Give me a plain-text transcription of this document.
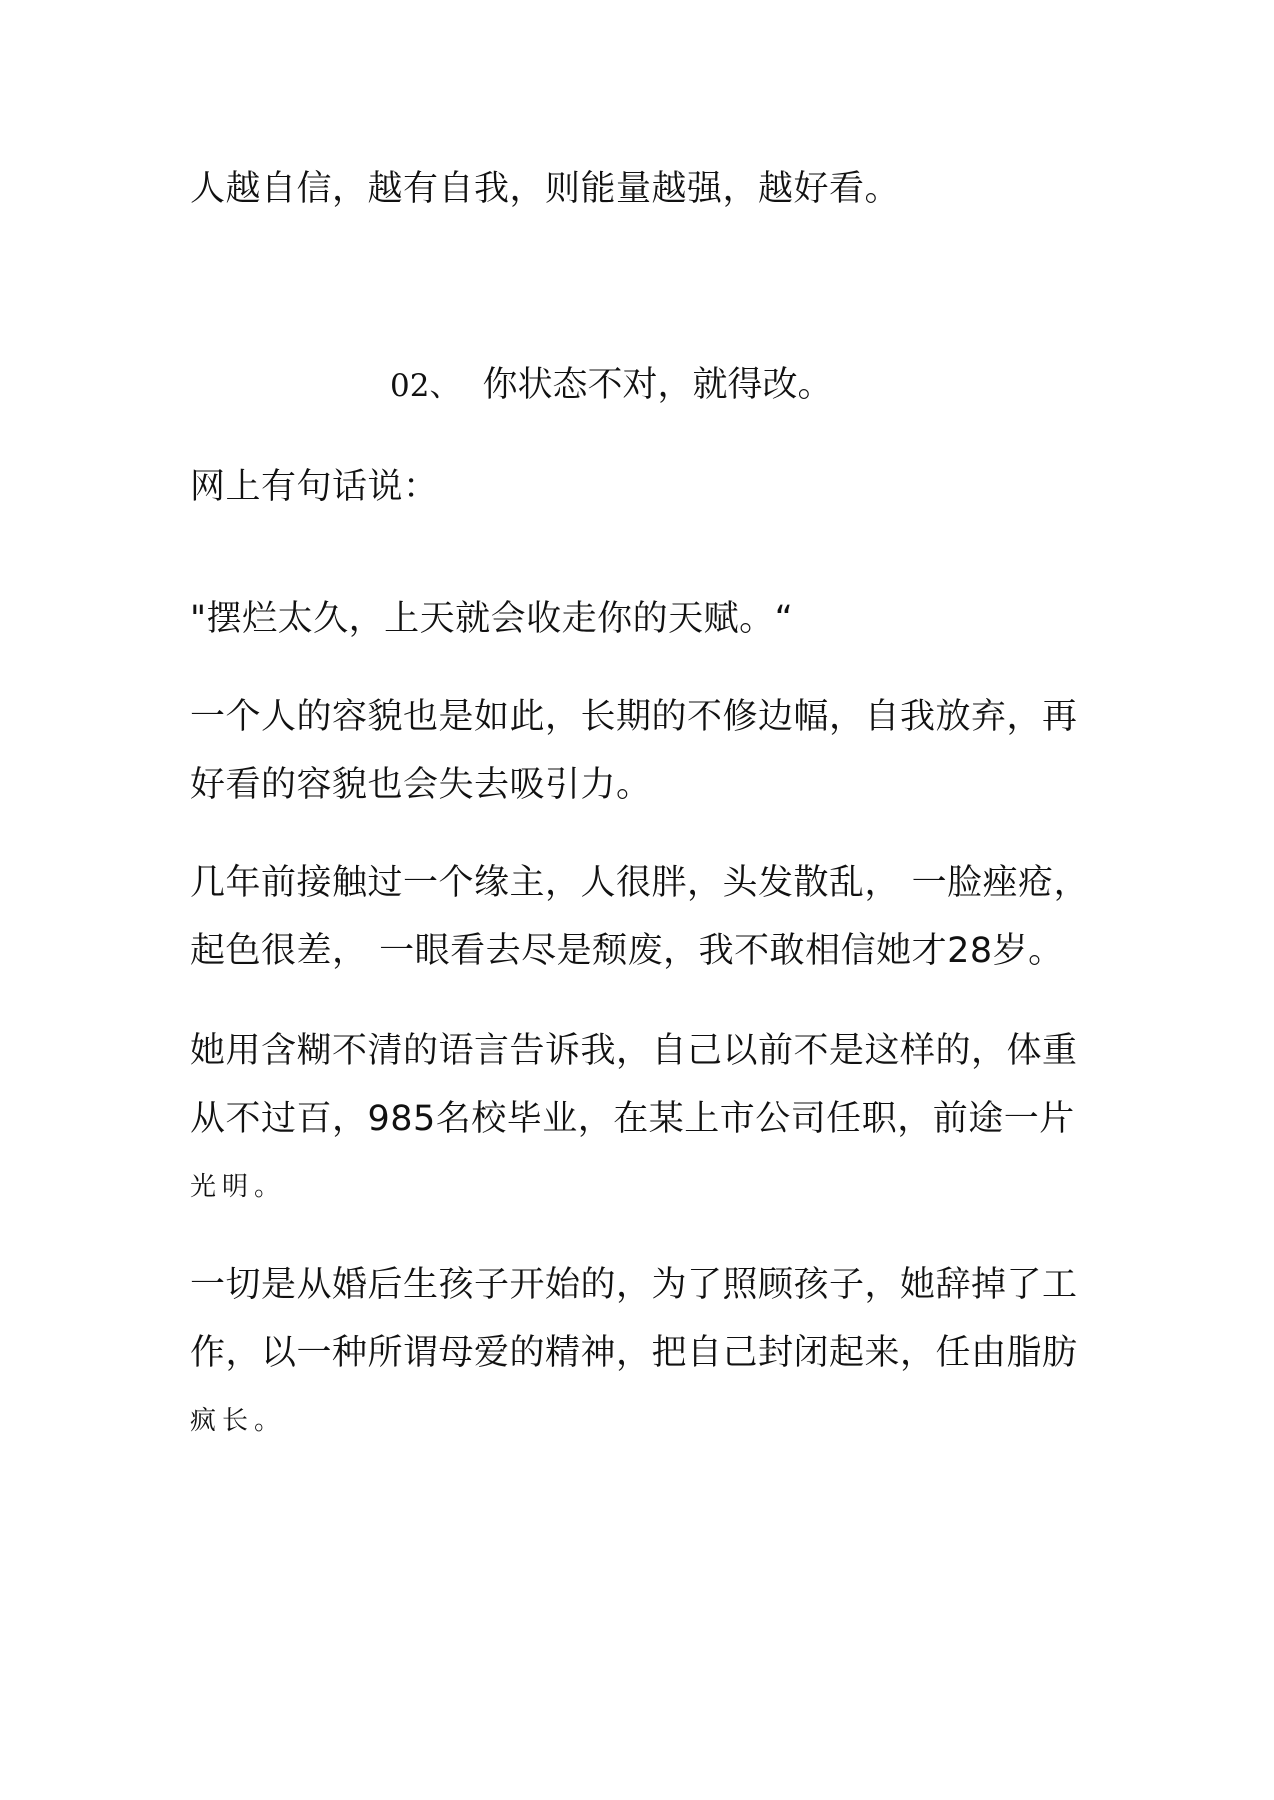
人越自信，越有自我，则能量越强，越好看。
02、 你状态不对，就得改。
网上有句话说：
"摆烂太久，上天就会收走你的天赋。“
一个人的容貌也是如此，长期的不修边幅，自我放弃，再
好看的容貌也会失去吸引力。
几年前接触过一个缘主，人很胖，头发散乱， 一脸痤疮，
起色很差， 一眼看去尽是颓废，我不敢相信她才28岁。
她用含糊不清的语言告诉我，自己以前不是这样的，体重
从不过百，985名校毕业，在某上市公司任职，前途一片
光明。
一切是从婚后生孩子开始的，为了照顾孩子，她辞掉了工
作，以一种所谓母爱的精神，把自己封闭起来，任由脂肪
疯长。
